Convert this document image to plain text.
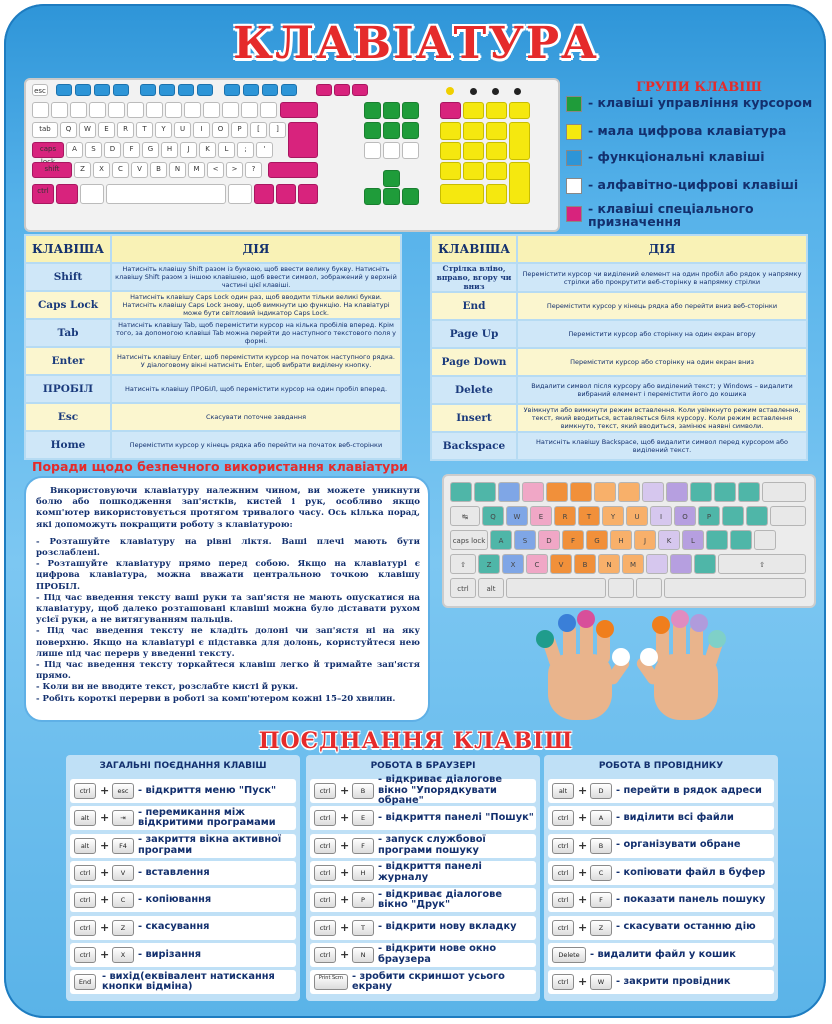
КЛАВІАТУРА
esc
tab	Q	W	E	R	T	Y	U	I	O	P	[	]
caps	A	S	D	F	G	H	J	K	L	;	'
shift	Z	X	C	V	B	N	M	<	>	?
ctrl
ГРУПИ КЛАВІШ
- клавіші управління курсором
- мала цифрова клавіатура
- функціональні клавіші
- алфавітно-цифрові клавіші
- клавіші спеціального призначення
КЛАВІША	ДІЯ
Shift	Натисніть клавішу Shift разом із буквою, щоб ввести велику букву. Натисніть клавішу Shift разом з іншою клавішею, щоб ввести символ, зображений у верхній частині цієї клавіші.
Caps Lock	Натисніть клавішу Caps Lock один раз, щоб вводити тільки великі букви. Натисніть клавішу Caps Lock знову, щоб вимкнути цю функцію. На клавіатурі може бути світловий індикатор Caps Lock.
Tab	Натисніть клавішу Tab, щоб перемістити курсор на кілька пробілів вперед. Крім того, за допомогою клавіші Tab можна перейти до наступного текстового поля у формі.
Enter	Натисніть клавішу Enter, щоб перемістити курсор на початок наступного рядка. У діалоговому вікні натисніть Enter, щоб вибрати виділену кнопку.
ПРОБІЛ	Натисніть клавішу ПРОБІЛ, щоб перемістити курсор на один пробіл вперед.
Esc	Скасувати поточне завдання
Home	Перемістити курсор у кінець рядка або перейти на початок веб-сторінки
КЛАВІША	ДІЯ
Стрілка вліво, вправо, вгору чи вниз	Перемістити курсор чи виділений елемент на один пробіл або рядок у напрямку стрілки або прокрутити веб-сторінку в напрямку стрілки
End	Перемістити курсор у кінець рядка або перейти вниз веб-сторінки
Page Up	Перемістити курсор або сторінку на один екран вгору
Page Down	Перемістити курсор або сторінку на один екран вниз
Delete	Видалити символ після курсору або виділений текст; у Windows – видалити вибраний елемент і перемістити його до кошика
Insert	Увімкнути або вимкнути режим вставлення. Коли увімкнуто режим вставлення, текст, який вводиться, вставляється біля курсору. Коли режим вставлення вимкнуто, текст, який вводиться, замінює наявні символи.
Backspace	Натисніть клавішу Backspace, щоб видалити символ перед курсором або виділений текст.
Поради щодо безпечного використання клавіатури

Використовуючи клавіатуру належним чином, ви можете уникнути болю або пошкодження зап'ястків, кистей і рук, особливо якщо комп'ютер використовується протягом тривалого часу. Ось кілька порад, які допоможуть покращити роботу з клавіатурою:

- Розташуйте клавіатуру на рівні ліктя. Ваші плечі мають бути розслаблені.

- Розташуйте клавіатуру прямо перед собою. Якщо на клавіатурі є цифрова клавіатура, можна вважати центральною точкою клавішу ПРОБІЛ.

- Під час введення тексту ваші руки та зап'ястя не мають опускатися на клавіатуру, щоб далеко розташовані клавіші можна було діставати рухом усієї руки, а не витягуванням пальців.

- Під час введення тексту не кладіть долоні чи зап'ястя ні на яку поверхню. Якщо на клавіатурі є підставка для долонь, користуйтеся нею лише під час перерв у введенні тексту.

- Під час введення тексту торкайтеся клавіш легко й тримайте зап'ястя прямо.

- Коли ви не вводите текст, розслабте кисті й руки.

- Робіть короткі перерви в роботі за комп'ютером кожні 15–20 хвилин.

↹	Q	W	E	R	T	Y	U	I	O	P
caps lock	A	S	D	F	G	H	J	K	L
⇧	Z	X	C	V	B	N	M	⇧
ctrl	alt
ПОЄДНАННЯ КЛАВІШ
ЗАГАЛЬНІ ПОЄДНАННЯ КЛАВІШ
ctrl +	esc - відкриття меню "Пуск"
alt +	⇥
- перемикання між відкритими програмами
alt +	F4
- закриття вікна активної програми
ctrl +	V	- вставлення
ctrl +	C	- копіювання
ctrl +	Z	- скасування
ctrl +	X	- вирізання
End
- вихід(еквівалент натискання кнопки відміна)
РОБОТА В БРАУЗЕРІ
ctrl +	B
- відкриває діалогове вікно "Упорядкувати обране"
ctrl +	E	- відкриття панелі "Пошук"
ctrl +	F
- запуск службової програми пошуку
ctrl +	H
- відкриття панелі журналу
ctrl +	P
- відкриває діалогове вікно "Друк"
ctrl +	T	- відкрити нову вкладку
ctrl +	N
- відкрити нове окно браузера
Print Scrn - зробити скриншот усього екрану
РОБОТА В ПРОВІДНИКУ
alt +	D	- перейти в рядок адреси
ctrl +	A	- виділити всі файли
ctrl +	B	- організувати обране
ctrl +	C	- копіювати файл в буфер
ctrl +	F	- показати панель пошуку
ctrl +	Z	- скасувати останню дію
Delete	- видалити файл у кошик
ctrl +	W	- закрити провідник
